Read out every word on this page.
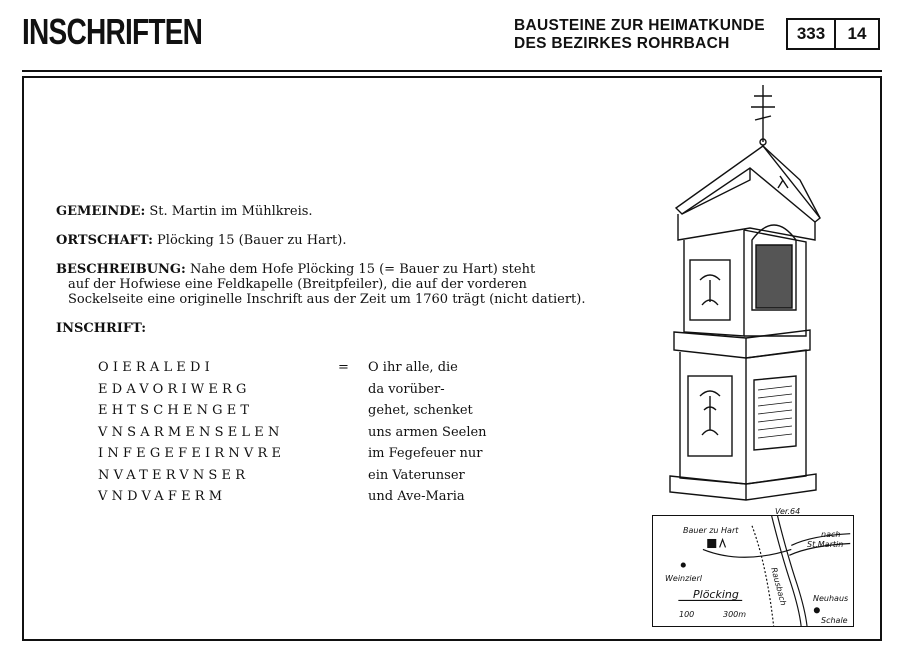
INSCHRIFTEN	BAUSTEINE ZUR HEIMATKUNDE
DES BEZIRKES ROHRBACH
333	14

GEMEINDE: St. Martin im Mühlkreis.

ORTSCHAFT: Plöcking 15 (Bauer zu Hart).

BESCHREIBUNG: Nahe dem Hofe Plöcking 15 (= Bauer zu Hart) steht
auf der Hofwiese eine Feldkapelle (Breitpfeiler), die auf der vorderen Sockelseite eine originelle Inschrift aus der Zeit um 1760 trägt (nicht datiert).

INSCHRIFT:

OIERALEDI	=	O ihr alle, die
EDAVORIWERG	da vorüber-
EHTSCHENGET	gehet, schenket
VNSARMENSELEN	uns armen Seelen
INFEGEFEIRNVRE	im Fegefeuer nur
NVATERVNSER	ein Vaterunser
VNDVAFERM	und Ave-Maria
Bauer zu Hart
Ver.64
nach
St.Martin
Weinzierl
Plöcking	Rausbach	Neuhaus
Schale
100	300m
